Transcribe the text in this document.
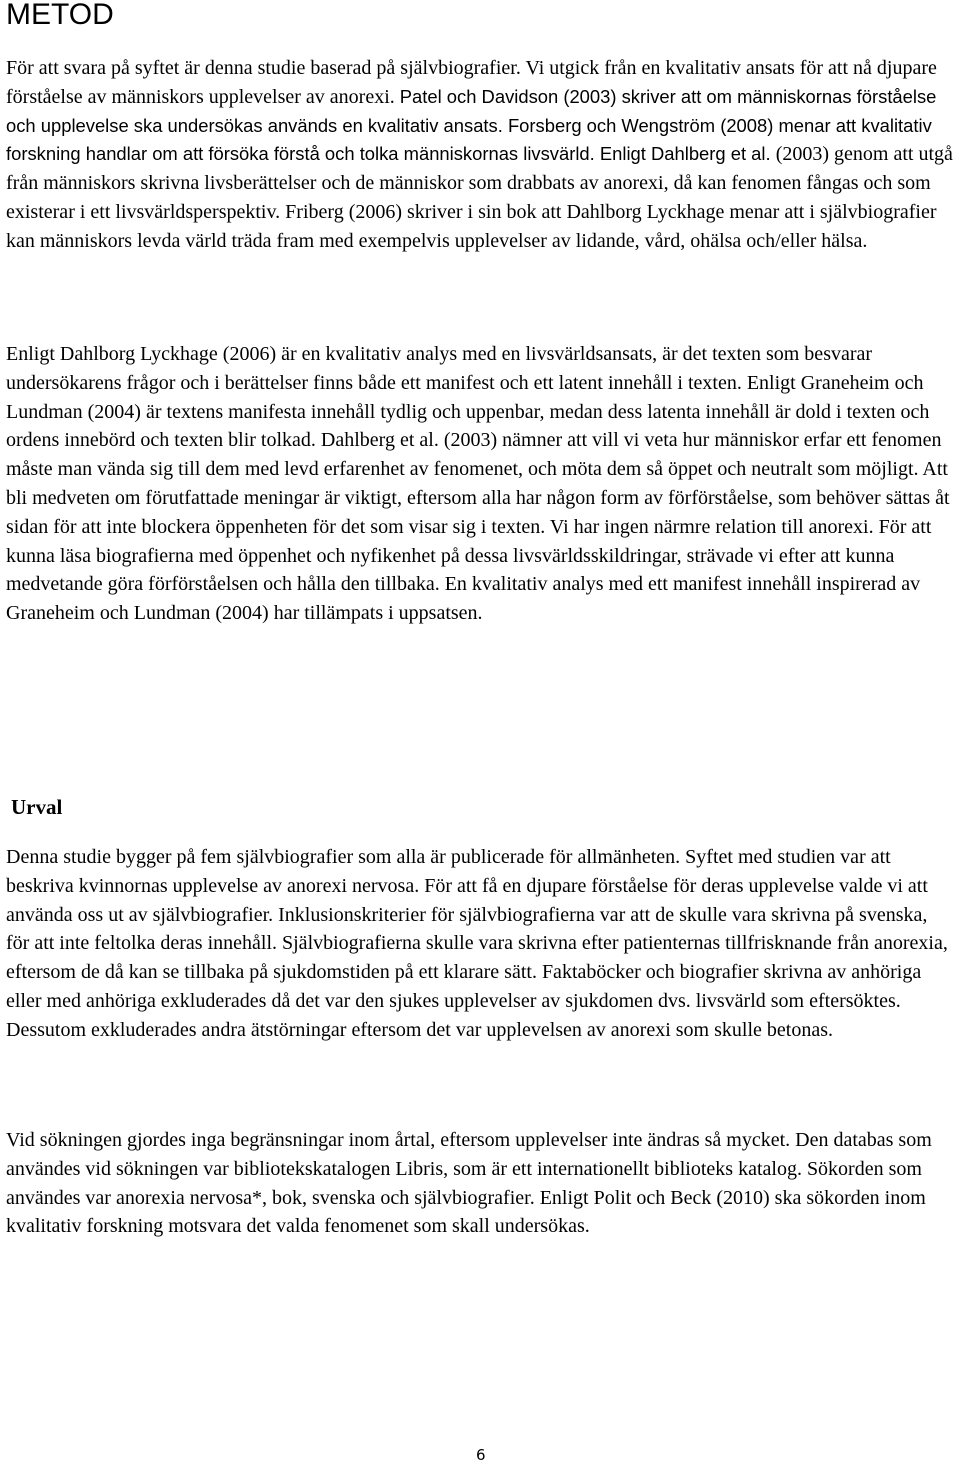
METOD

För att svara på syftet är denna studie baserad på självbiografier. Vi utgick från en kvalitativ ansats för att nå djupare förståelse av människors upplevelser av anorexi. Patel och Davidson (2003) skriver att om människornas förståelse och upplevelse ska undersökas används en kvalitativ ansats. Forsberg och Wengström (2008) menar att kvalitativ forskning handlar om att försöka förstå och tolka människornas livsvärld. Enligt Dahlberg et al. (2003) genom att utgå från människors skrivna livsberättelser och de människor som drabbats av anorexi, då kan fenomen fångas och som existerar i ett livsvärldsperspektiv. Friberg (2006) skriver i sin bok att Dahlborg Lyckhage menar att i självbiografier kan människors levda värld träda fram med exempelvis upplevelser av lidande, vård, ohälsa och/eller hälsa.

Enligt Dahlborg Lyckhage (2006) är en kvalitativ analys med en livsvärldsansats, är det texten som besvarar undersökarens frågor och i berättelser finns både ett manifest och ett latent innehåll i texten. Enligt Graneheim och Lundman (2004) är textens manifesta innehåll tydlig och uppenbar, medan dess latenta innehåll är dold i texten och ordens innebörd och texten blir tolkad. Dahlberg et al. (2003) nämner att vill vi veta hur människor erfar ett fenomen måste man vända sig till dem med levd erfarenhet av fenomenet, och möta dem så öppet och neutralt som möjligt. Att bli medveten om förutfattade meningar är viktigt, eftersom alla har någon form av förförståelse, som behöver sättas åt sidan för att inte blockera öppenheten för det som visar sig i texten. Vi har ingen närmre relation till anorexi. För att kunna läsa biografierna med öppenhet och nyfikenhet på dessa livsvärldsskildringar, strävade vi efter att kunna medvetande göra förförståelsen och hålla den tillbaka. En kvalitativ analys med ett manifest innehåll inspirerad av Graneheim och Lundman (2004) har tillämpats i uppsatsen.

Urval

Denna studie bygger på fem självbiografier som alla är publicerade för allmänheten. Syftet med studien var att beskriva kvinnornas upplevelse av anorexi nervosa. För att få en djupare förståelse för deras upplevelse valde vi att använda oss ut av självbiografier. Inklusionskriterier för självbiografierna var att de skulle vara skrivna på svenska, för att inte feltolka deras innehåll. Självbiografierna skulle vara skrivna efter patienternas tillfrisknande från anorexia, eftersom de då kan se tillbaka på sjukdomstiden på ett klarare sätt. Faktaböcker och biografier skrivna av anhöriga eller med anhöriga exkluderades då det var den sjukes upplevelser av sjukdomen dvs. livsvärld som eftersöktes. Dessutom exkluderades andra ätstörningar eftersom det var upplevelsen av anorexi som skulle betonas.

Vid sökningen gjordes inga begränsningar inom årtal, eftersom upplevelser inte ändras så mycket. Den databas som användes vid sökningen var bibliotekskatalogen Libris, som är ett internationellt biblioteks katalog. Sökorden som användes var anorexia nervosa*, bok, svenska och självbiografier. Enligt Polit och Beck (2010) ska sökorden inom kvalitativ forskning motsvara det valda fenomenet som skall undersökas.

6
